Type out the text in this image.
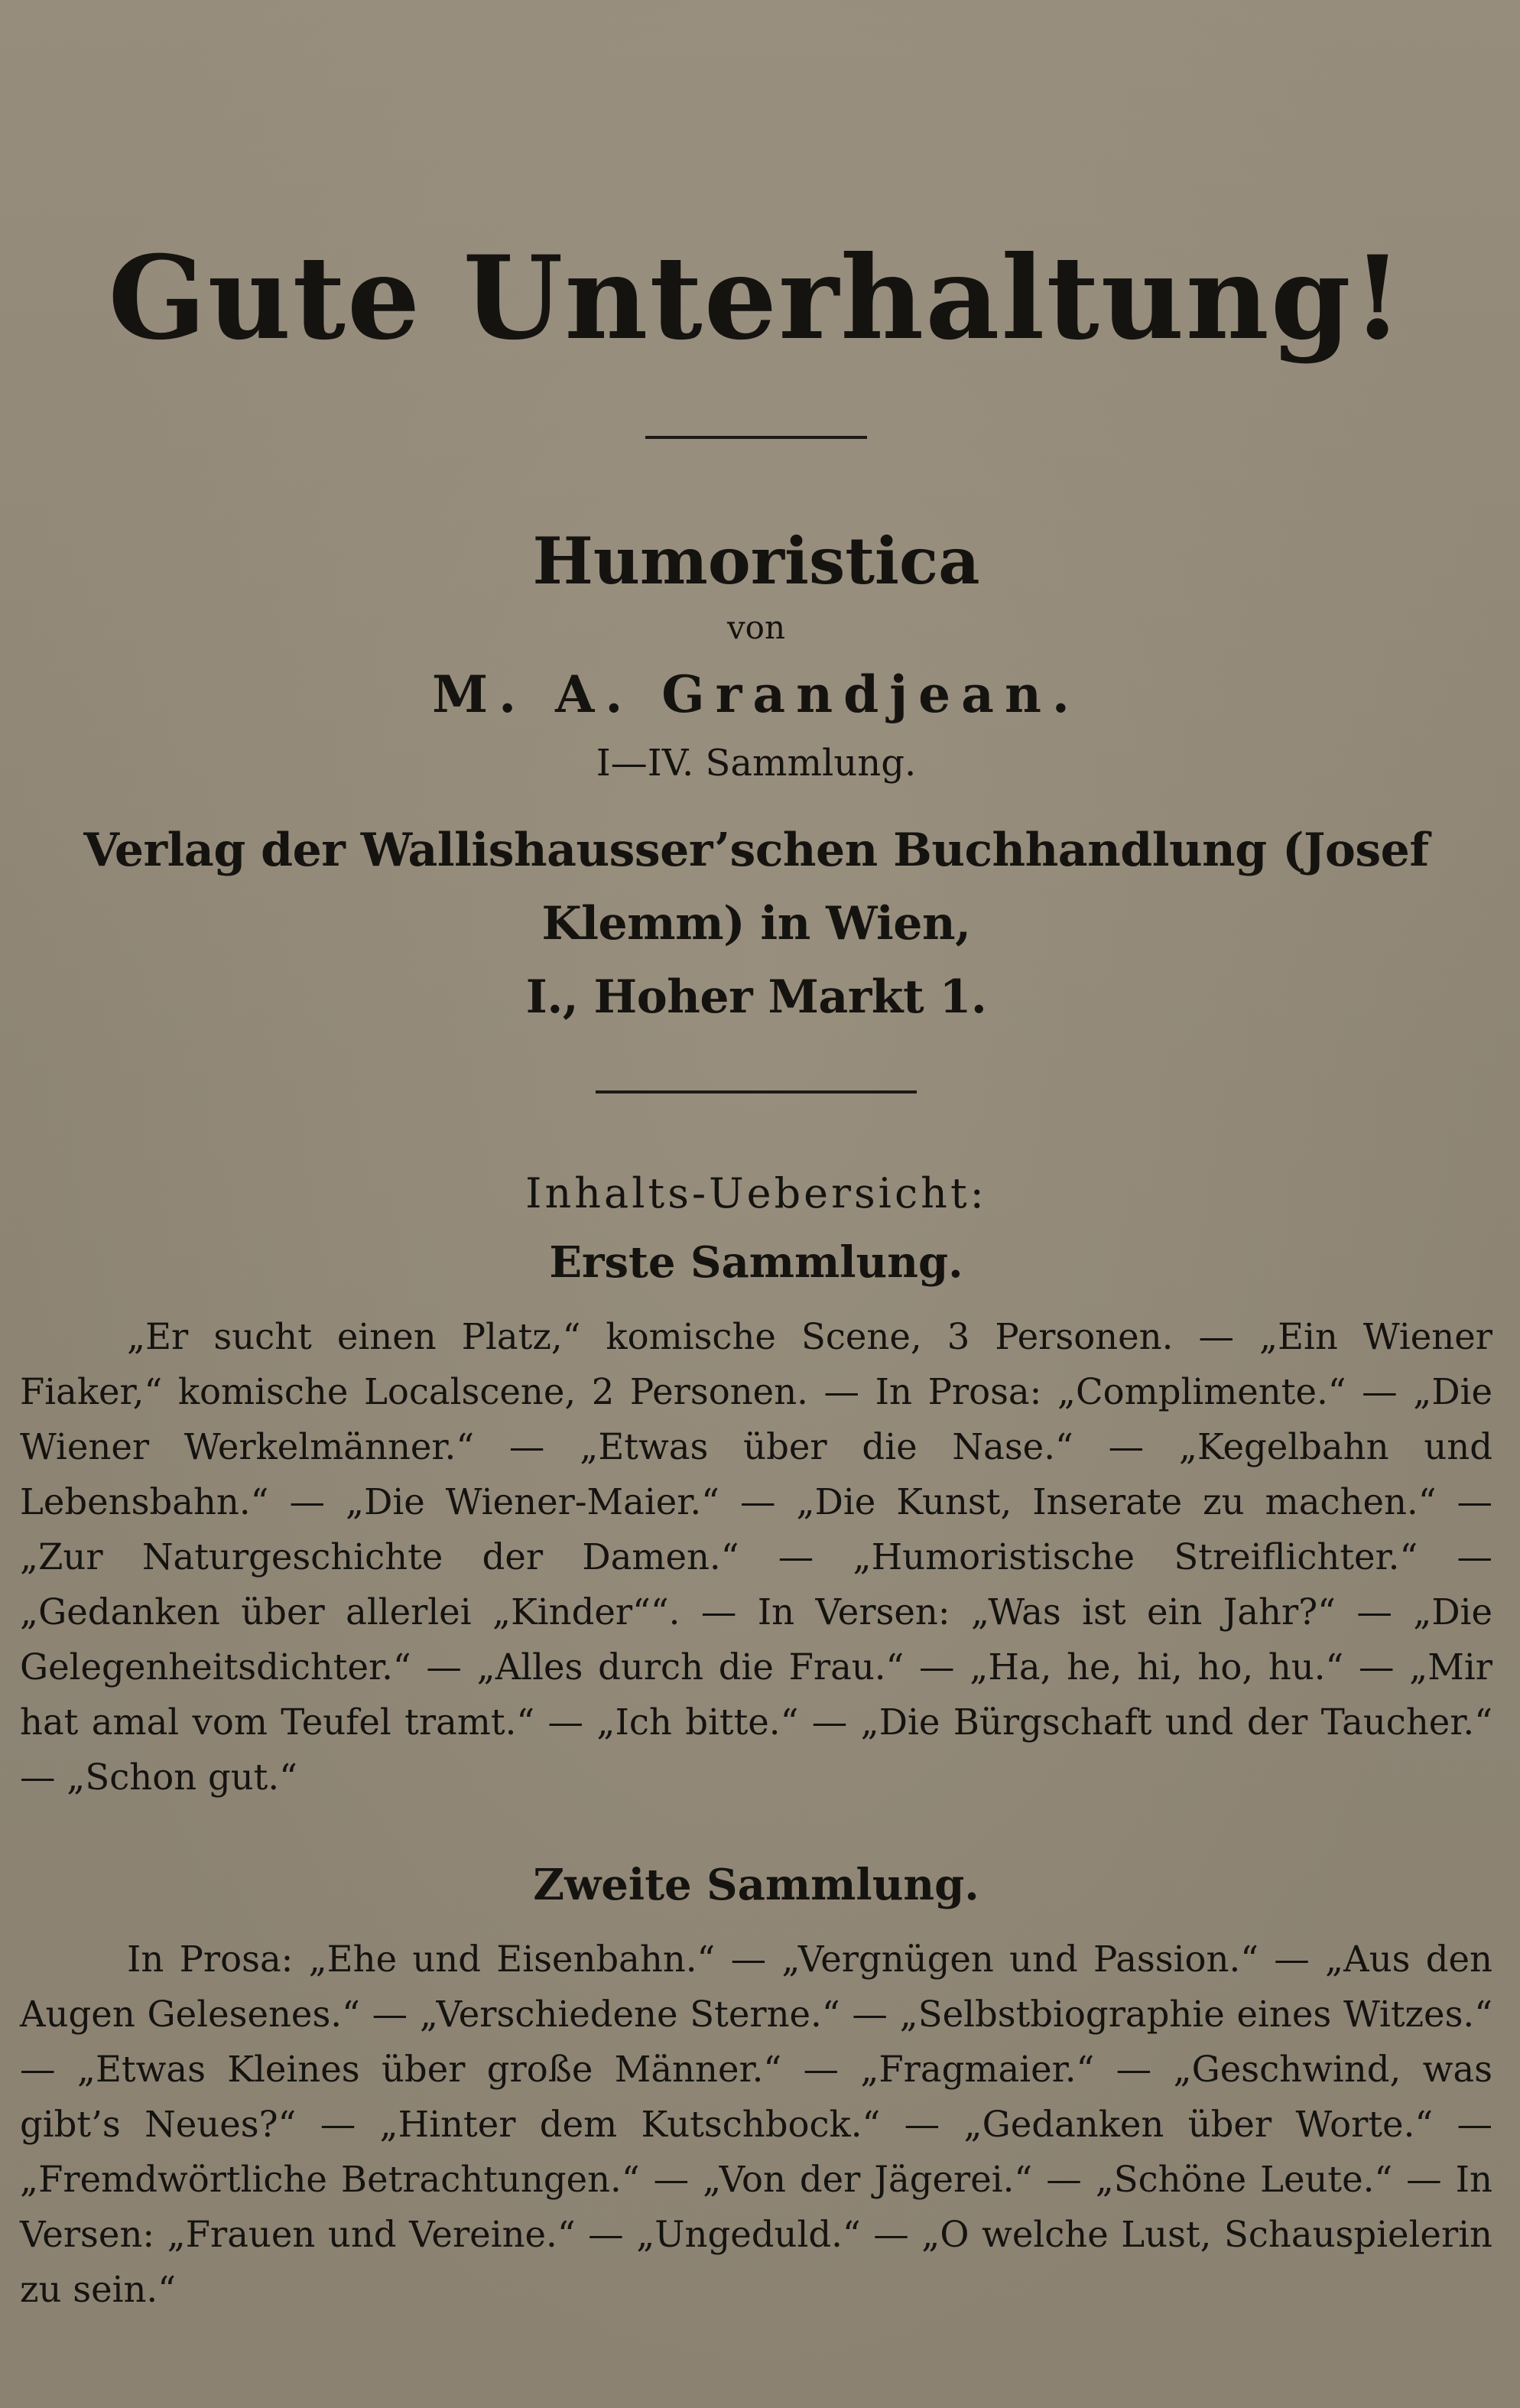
Gute Unterhaltung!
Humoristica

von

M. A. Grandjean.

I—IV. Sammlung.

Verlag der Wallishausser’schen Buchhandlung (Josef Klemm) in Wien,
I., Hoher Markt 1.

Inhalts-Uebersicht:

Erste Sammlung.

„Er sucht einen Platz,“ komische Scene, 3 Personen. — „Ein Wiener Fiaker,“ komische Localscene, 2 Personen. — In Prosa: „Complimente.“ — „Die Wiener Werkelmänner.“ — „Etwas über die Nase.“ — „Kegelbahn und Lebensbahn.“ — „Die Wiener-Maier.“ — „Die Kunst, Inserate zu machen.“ — „Zur Naturgeschichte der Damen.“ — „Humoristische Streiflichter.“ — „Gedanken über allerlei „Kinder““. — In Versen: „Was ist ein Jahr?“ — „Die Gelegenheitsdichter.“ — „Alles durch die Frau.“ — „Ha, he, hi, ho, hu.“ — „Mir hat amal vom Teufel tramt.“ — „Ich bitte.“ — „Die Bürgschaft und der Taucher.“ — „Schon gut.“

Zweite Sammlung.

In Prosa: „Ehe und Eisenbahn.“ — „Vergnügen und Passion.“ — „Aus den Augen Gelesenes.“ — „Verschiedene Sterne.“ — „Selbstbiographie eines Witzes.“ — „Etwas Kleines über große Männer.“ — „Fragmaier.“ — „Geschwind, was gibt’s Neues?“ — „Hinter dem Kutschbock.“ — „Gedanken über Worte.“ — „Fremdwörtliche Betrachtungen.“ — „Von der Jägerei.“ — „Schöne Leute.“ — In Versen: „Frauen und Vereine.“ — „Ungeduld.“ — „O welche Lust, Schauspielerin zu sein.“
